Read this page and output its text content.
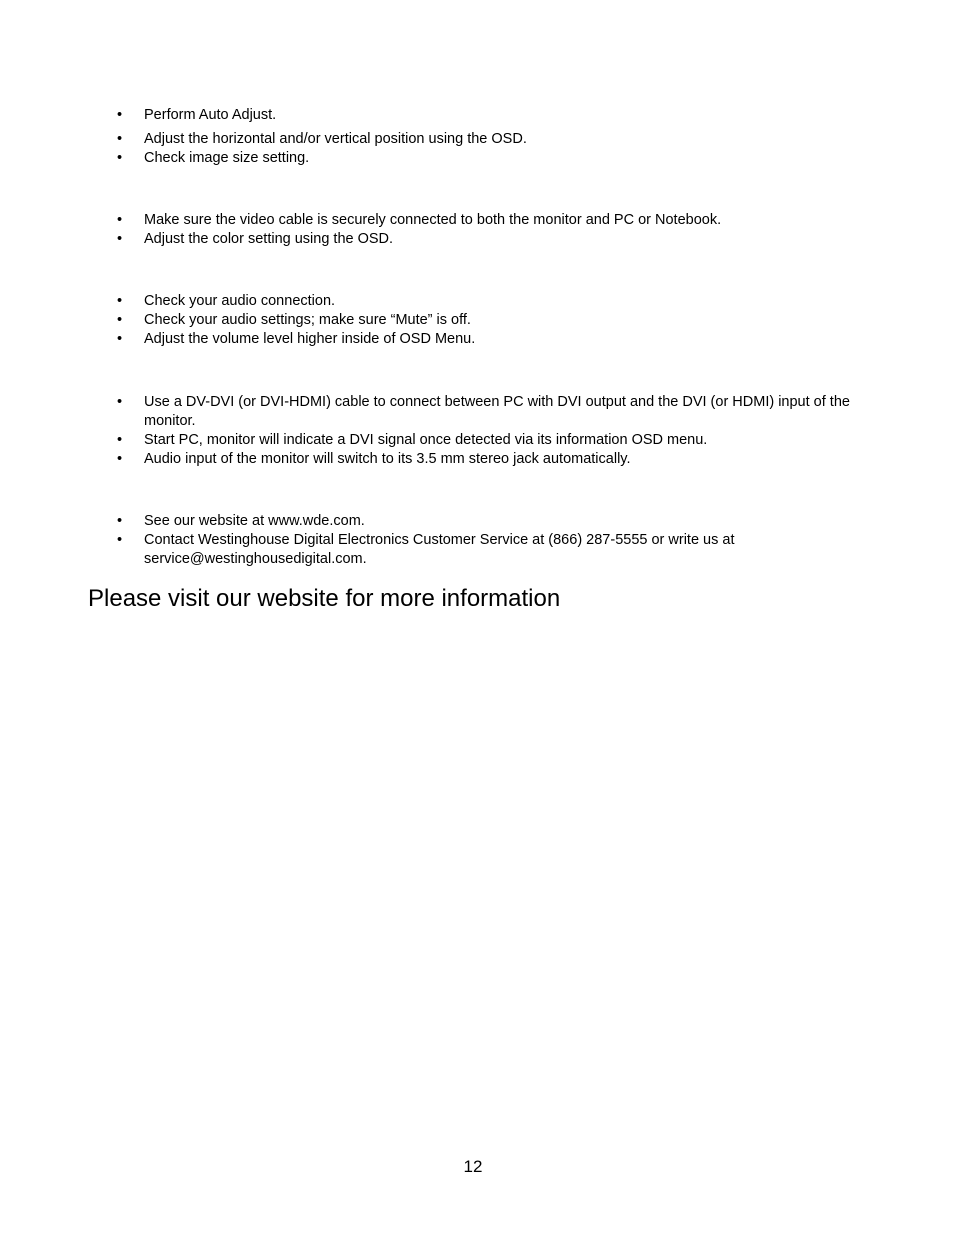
• Perform Auto Adjust.
• Adjust the horizontal and/or vertical position using the OSD.
• Check image size setting.
• Make sure the video cable is securely connected to both the monitor and PC or Notebook.
• Adjust the color setting using the OSD.
• Check your audio connection.
• Check your audio settings; make sure “Mute” is off.
• Adjust the volume level higher inside of OSD Menu.
• Use a DV-DVI (or DVI-HDMI) cable to connect between PC with DVI output and the DVI (or HDMI) input of the monitor.
• Start PC, monitor will indicate a DVI signal once detected via its information OSD menu.
• Audio input of the monitor will switch to its 3.5 mm stereo jack automatically.
• See our website at www.wde.com.
• Contact Westinghouse Digital Electronics Customer Service at (866) 287-5555 or write us at service@westinghousedigital.com.
Please visit our website for more information
12
